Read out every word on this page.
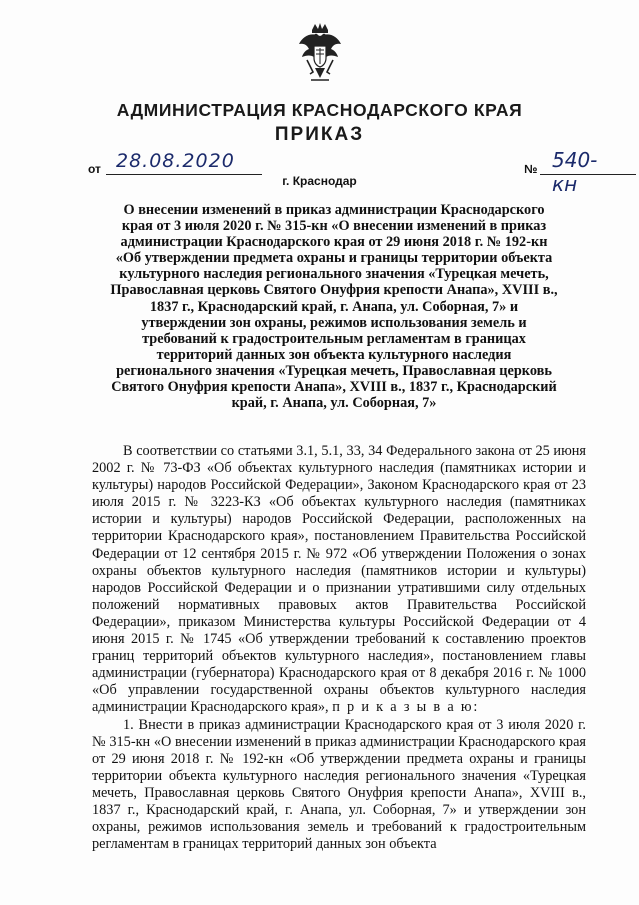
АДМИНИСТРАЦИЯ КРАСНОДАРСКОГО КРАЯ
ПРИКАЗ
от 28.08.2020	№ 540-кн
г. Краснодар
О внесении изменений в приказ администрации Краснодарского края от 3 июля 2020 г. № 315-кн «О внесении изменений в приказ администрации Краснодарского края от 29 июня 2018 г. № 192-кн «Об утверждении предмета охраны и границы территории объекта культурного наследия регионального значения «Турецкая мечеть, Православная церковь Святого Онуфрия крепости Анапа», XVIII в., 1837 г., Краснодарский край, г. Анапа, ул. Соборная, 7» и утверждении зон охраны, режимов использования земель и требований к градостроительным регламентам в границах территорий данных зон объекта культурного наследия регионального значения «Турецкая мечеть, Православная церковь Святого Онуфрия крепости Анапа», XVIII в., 1837 г., Краснодарский край, г. Анапа, ул. Соборная, 7»

В соответствии со статьями 3.1, 5.1, 33, 34 Федерального закона от 25 июня 2002 г. № 73-ФЗ «Об объектах культурного наследия (памятниках истории и культуры) народов Российской Федерации», Законом Краснодарского края от 23 июля 2015 г. № 3223-КЗ «Об объектах культурного наследия (памятниках истории и культуры) народов Российской Федерации, расположенных на территории Краснодарского края», постановлением Правительства Российской Федерации от 12 сентября 2015 г. № 972 «Об утверждении Положения о зонах охраны объектов культурного наследия (памятников истории и культуры) народов Российской Федерации и о признании утратившими силу отдельных положений нормативных правовых актов Правительства Российской Федерации», приказом Министерства культуры Российской Федерации от 4 июня 2015 г. № 1745 «Об утверждении требований к составлению проектов границ территорий объектов культурного наследия», постановлением главы администрации (губернатора) Краснодарского края от 8 декабря 2016 г. № 1000 «Об управлении государственной охраны объектов культурного наследия администрации Краснодарского края», п р и к а з ы в а ю:

1. Внести в приказ администрации Краснодарского края от 3 июля 2020 г. № 315-кн «О внесении изменений в приказ администрации Краснодарского края от 29 июня 2018 г. № 192-кн «Об утверждении предмета охраны и границы территории объекта культурного наследия регионального значения «Турецкая мечеть, Православная церковь Святого Онуфрия крепости Анапа», XVIII в., 1837 г., Краснодарский край, г. Анапа, ул. Соборная, 7» и утверждении зон охраны, режимов использования земель и требований к градостроительным регламентам в границах территорий данных зон объекта
